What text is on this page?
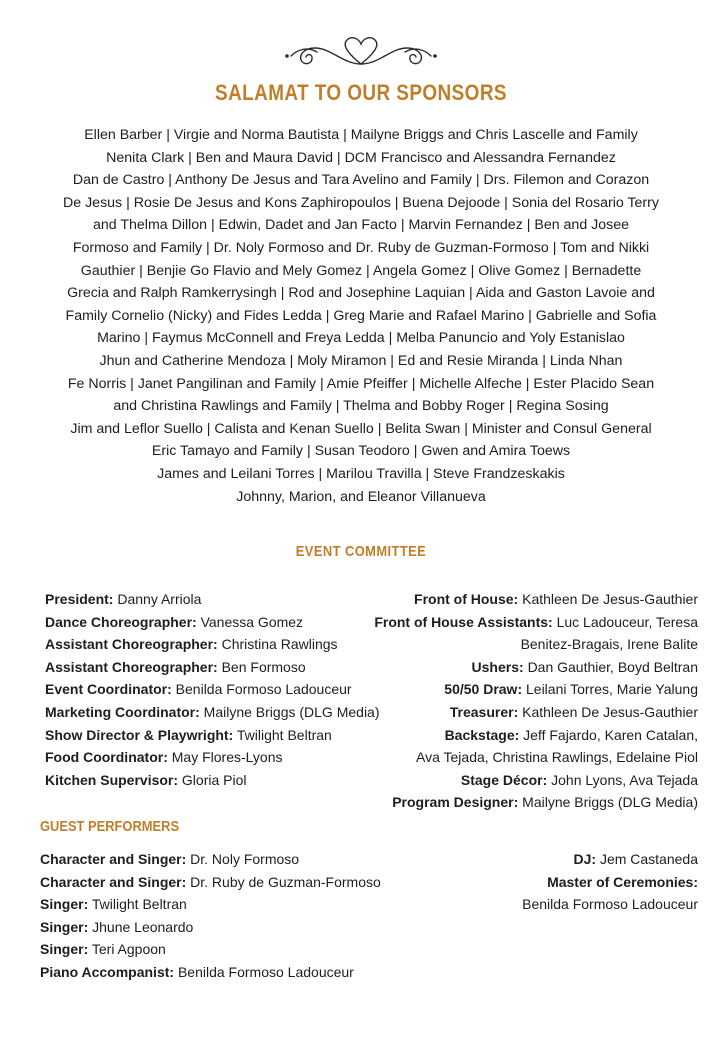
SALAMAT TO OUR SPONSORS
Ellen Barber | Virgie and Norma Bautista | Mailyne Briggs and Chris Lascelle and Family
Nenita Clark | Ben and Maura David | DCM Francisco and Alessandra Fernandez
Dan de Castro | Anthony De Jesus and Tara Avelino and Family | Drs. Filemon and Corazon
De Jesus | Rosie De Jesus and Kons Zaphiropoulos | Buena Dejoode | Sonia del Rosario Terry
and Thelma Dillon | Edwin, Dadet and Jan Facto | Marvin Fernandez | Ben and Josee
Formoso and Family | Dr. Noly Formoso and Dr. Ruby de Guzman-Formoso | Tom and Nikki
Gauthier | Benjie Go Flavio and Mely Gomez | Angela Gomez | Olive Gomez | Bernadette
Grecia and Ralph Ramkerrysingh | Rod and Josephine Laquian | Aida and Gaston Lavoie and
Family Cornelio (Nicky) and Fides Ledda | Greg Marie and Rafael Marino | Gabrielle and Sofia
Marino | Faymus McConnell and Freya Ledda | Melba Panuncio and Yoly Estanislao
Jhun and Catherine Mendoza | Moly Miramon | Ed and Resie Miranda | Linda Nhan
Fe Norris | Janet Pangilinan and Family | Amie Pfeiffer | Michelle Alfeche | Ester Placido Sean
and Christina Rawlings and Family | Thelma and Bobby Roger | Regina Sosing
Jim and Leflor Suello | Calista and Kenan Suello | Belita Swan | Minister and Consul General
Eric Tamayo and Family | Susan Teodoro | Gwen and Amira Toews
James and Leilani Torres | Marilou Travilla | Steve Frandzeskakis
Johnny, Marion, and Eleanor Villanueva
EVENT COMMITTEE
President: Danny Arriola
Dance Choreographer: Vanessa Gomez
Assistant Choreographer: Christina Rawlings
Assistant Choreographer: Ben Formoso
Event Coordinator: Benilda Formoso Ladouceur
Marketing Coordinator: Mailyne Briggs (DLG Media)
Show Director & Playwright: Twilight Beltran
Food Coordinator: May Flores-Lyons
Kitchen Supervisor: Gloria Piol
Front of House: Kathleen De Jesus-Gauthier
Front of House Assistants: Luc Ladouceur, Teresa
Benitez-Bragais, Irene Balite
Ushers: Dan Gauthier, Boyd Beltran
50/50 Draw: Leilani Torres, Marie Yalung
Treasurer: Kathleen De Jesus-Gauthier
Backstage: Jeff Fajardo, Karen Catalan,
Ava Tejada, Christina Rawlings, Edelaine Piol
Stage Décor: John Lyons, Ava Tejada
Program Designer: Mailyne Briggs (DLG Media)
GUEST PERFORMERS
Character and Singer: Dr. Noly Formoso
Character and Singer: Dr. Ruby de Guzman-Formoso
Singer: Twilight Beltran
Singer: Jhune Leonardo
Singer: Teri Agpoon
Piano Accompanist: Benilda Formoso Ladouceur
DJ: Jem Castaneda
Master of Ceremonies:
Benilda Formoso Ladouceur
